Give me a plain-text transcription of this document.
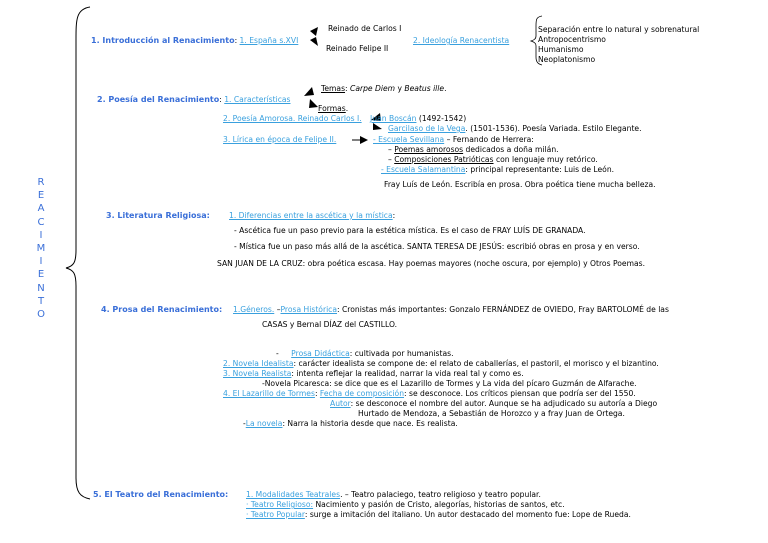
R
E
A
C
I
M
I
E
N
T
O
1. Introducción al Renacimiento: 1. España s.XVI
Reinado de Carlos I
Reinado Felipe II
2. Ideología Renacentista
Separación entre lo natural y sobrenatural
Antropocentrismo
Humanismo
Neoplatonismo
2. Poesía del Renacimiento: 1. Características
Temas: Carpe Diem y Beatus ille.
Formas.
2. Poesía Amorosa. Reinado Carlos I. Juan Boscán (1492-1542)
Garcilaso de la Vega. (1501-1536). Poesía Variada. Estilo Elegante.
3. Lírica en época de Felipe II.	- Escuela Sevillana – Fernando de Herrera:
– Poemas amorosos dedicados a doña milán.
– Composiciones Patrióticas con lenguaje muy retórico.
- Escuela Salamantina: principal representante: Luis de León.
Fray Luís de León. Escribía en prosa. Obra poética tiene mucha belleza.
3. Literatura Religiosa:	1. Diferencias entre la ascética y la mística:
- Ascética fue un paso previo para la estética mística. Es el caso de FRAY LUÍS DE GRANADA.
- Mística fue un paso más allá de la ascética. SANTA TERESA DE JESÚS: escribió obras en prosa y en verso.
SAN JUAN DE LA CRUZ: obra poética escasa. Hay poemas mayores (noche oscura, por ejemplo) y Otros Poemas.
4. Prosa del Renacimiento: 1.Géneros. –Prosa Histórica: Cronistas más importantes: Gonzalo FERNÁNDEZ de OVIEDO, Fray BARTOLOMÉ de las
CASAS y Bernal DÍAZ del CASTILLO.
- Prosa Didáctica: cultivada por humanistas.
2. Novela Idealista: carácter idealista se compone de: el relato de caballerías, el pastoril, el morisco y el bizantino.
3. Novela Realista: intenta reflejar la realidad, narrar la vida real tal y como es.
-Novela Picaresca: se dice que es el Lazarillo de Tormes y La vida del pícaro Guzmán de Alfarache.
4. El Lazarillo de Tormes: Fecha de composición: se desconoce. Los críticos piensan que podría ser del 1550.
Autor: se desconoce el nombre del autor. Aunque se ha adjudicado su autoría a Diego
Hurtado de Mendoza, a Sebastián de Horozco y a fray Juan de Ortega.
-La novela: Narra la historia desde que nace. Es realista.
5. El Teatro del Renacimiento: 1. Modalidades Teatrales. – Teatro palaciego, teatro religioso y teatro popular.
· Teatro Religioso: Nacimiento y pasión de Cristo, alegorías, historias de santos, etc.
· Teatro Popular: surge a imitación del italiano. Un autor destacado del momento fue: Lope de Rueda.
